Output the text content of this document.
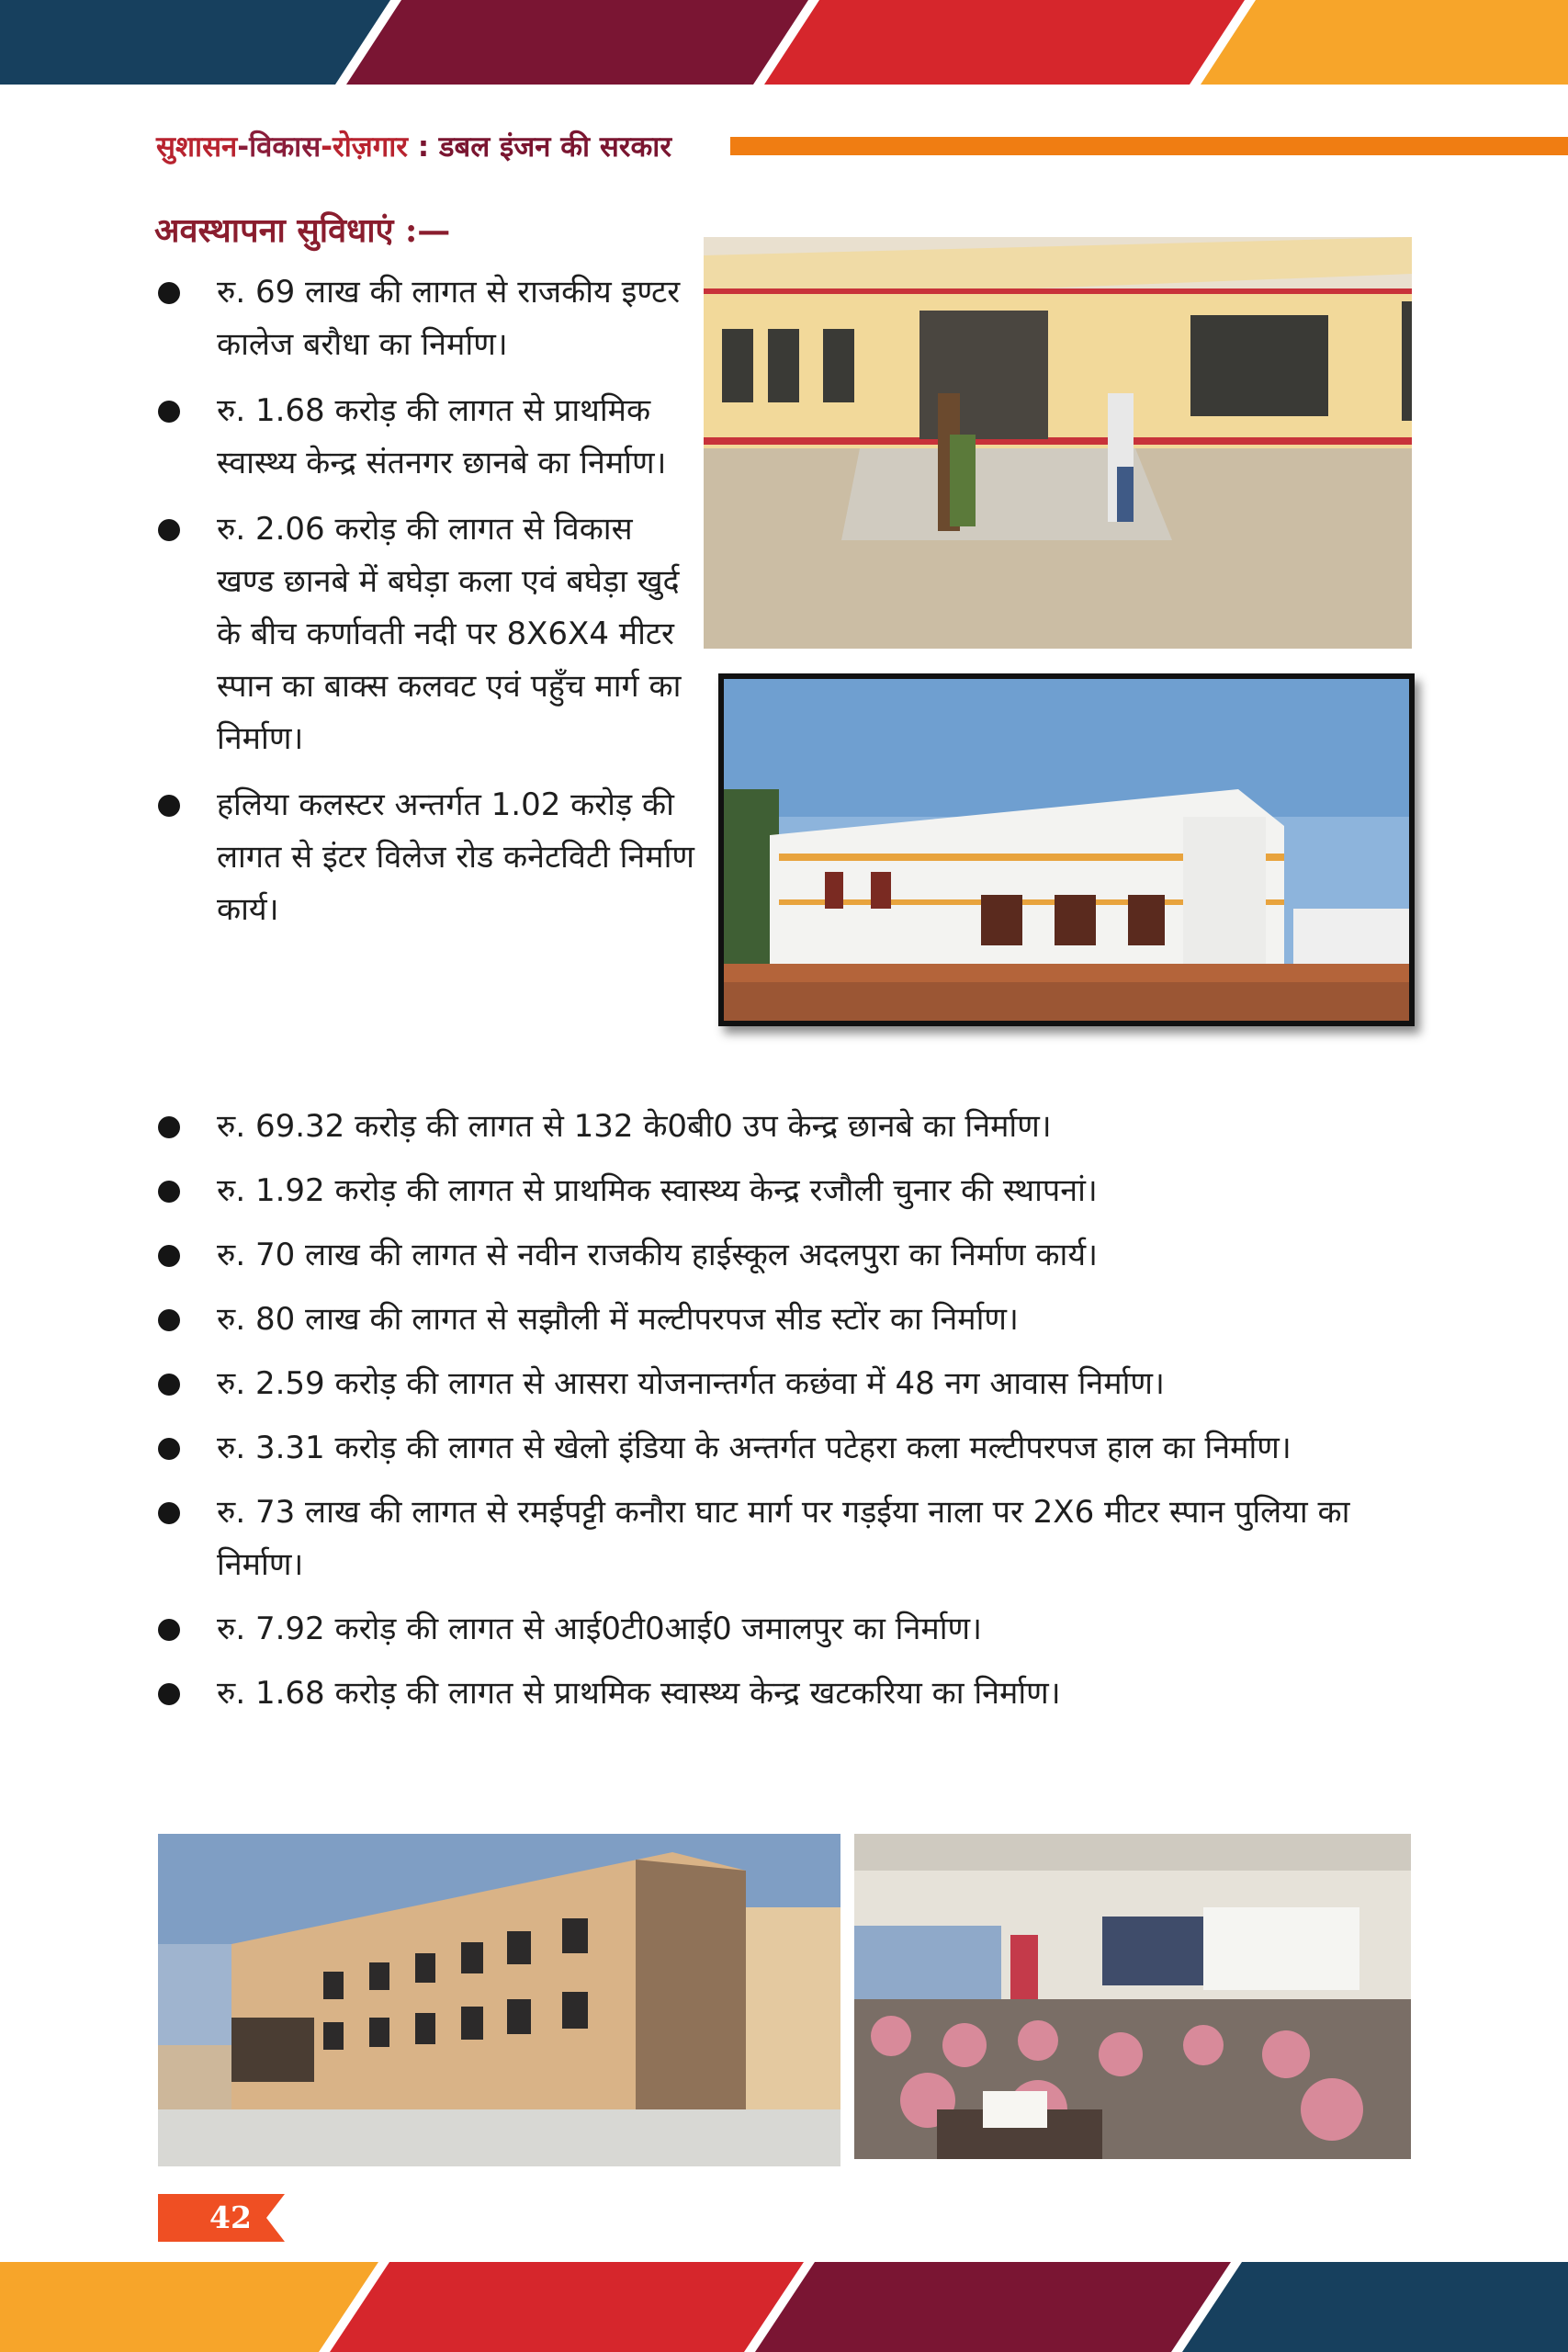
सुशासन-विकास-रोज़गार : डबल इंजन की सरकार
अवस्थापना सुविधाएं :—
रु. 69 लाख की लागत से राजकीय इण्टर कालेज बरौधा का निर्माण।
रु. 1.68 करोड़ की लागत से प्राथमिक स्वास्थ्य केन्द्र संतनगर छानबे का निर्माण।
रु. 2.06 करोड़ की लागत से विकास खण्ड छानबे में बघेड़ा कला एवं बघेड़ा खुर्द के बीच कर्णावती नदी पर 8X6X4 मीटर स्पान का बाक्स कलवट एवं पहुँच मार्ग का निर्माण।
हलिया कलस्टर अन्तर्गत 1.02 करोड़ की लागत से इंटर विलेज रोड कनेटविटी निर्माण कार्य।
रु. 69.32 करोड़ की लागत से 132 के0बी0 उप केन्द्र छानबे का निर्माण।
रु. 1.92 करोड़ की लागत से प्राथमिक स्वास्थ्य केन्द्र रजौली चुनार की स्थापनां।
रु. 70 लाख की लागत से नवीन राजकीय हाईस्कूल अदलपुरा का निर्माण कार्य।
रु. 80 लाख की लागत से सझौली में मल्टीपरपज सीड स्टोंर का निर्माण।
रु. 2.59 करोड़ की लागत से आसरा योजनान्तर्गत कछंवा में 48 नग आवास निर्माण।
रु. 3.31 करोड़ की लागत से खेलो इंडिया के अन्तर्गत पटेहरा कला मल्टीपरपज हाल का निर्माण।
रु. 73 लाख की लागत से रमईपट्टी कनौरा घाट मार्ग पर गड़ईया नाला पर 2X6 मीटर स्पान पुलिया का निर्माण।
रु. 7.92 करोड़ की लागत से आई0टी0आई0 जमालपुर का निर्माण।
रु. 1.68 करोड़ की लागत से प्राथमिक स्वास्थ्य केन्द्र खटकरिया का निर्माण।
42
